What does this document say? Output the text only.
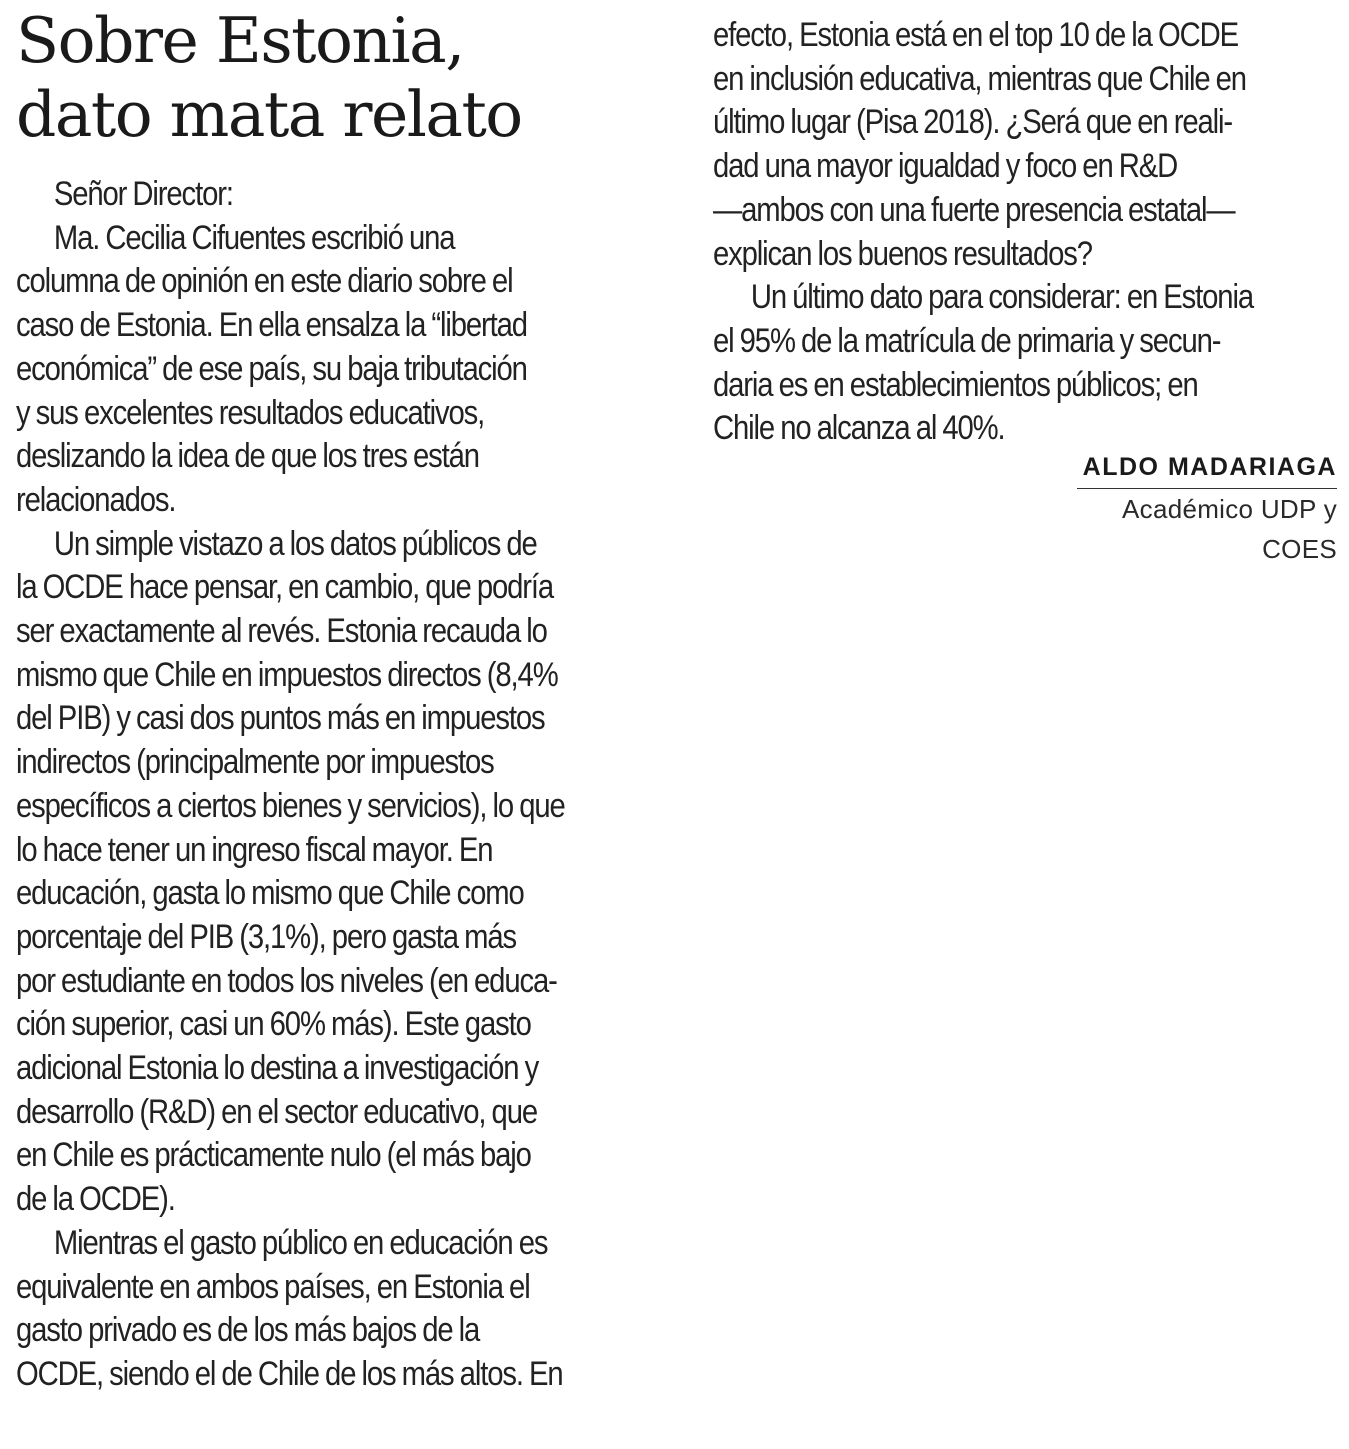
Sobre Estonia,
dato mata relato
Señor Director:
Ma. Cecilia Cifuentes escribió una
columna de opinión en este diario sobre el
caso de Estonia. En ella ensalza la “libertad
económica” de ese país, su baja tributación
y sus excelentes resultados educativos,
deslizando la idea de que los tres están
relacionados.
Un simple vistazo a los datos públicos de
la OCDE hace pensar, en cambio, que podría
ser exactamente al revés. Estonia recauda lo
mismo que Chile en impuestos directos (8,4%
del PIB) y casi dos puntos más en impuestos
indirectos (principalmente por impuestos
específicos a ciertos bienes y servicios), lo que
lo hace tener un ingreso fiscal mayor. En
educación, gasta lo mismo que Chile como
porcentaje del PIB (3,1%), pero gasta más
por estudiante en todos los niveles (en educa-
ción superior, casi un 60% más). Este gasto
adicional Estonia lo destina a investigación y
desarrollo (R&D) en el sector educativo, que
en Chile es prácticamente nulo (el más bajo
de la OCDE).
Mientras el gasto público en educación es
equivalente en ambos países, en Estonia el
gasto privado es de los más bajos de la
OCDE, siendo el de Chile de los más altos. En
efecto, Estonia está en el top 10 de la OCDE
en inclusión educativa, mientras que Chile en
último lugar (Pisa 2018). ¿Será que en reali-
dad una mayor igualdad y foco en R&D
—ambos con una fuerte presencia estatal—
explican los buenos resultados?
Un último dato para considerar: en Estonia
el 95% de la matrícula de primaria y secun-
daria es en establecimientos públicos; en
Chile no alcanza al 40%.
ALDO MADARIAGA
Académico UDP y COES
